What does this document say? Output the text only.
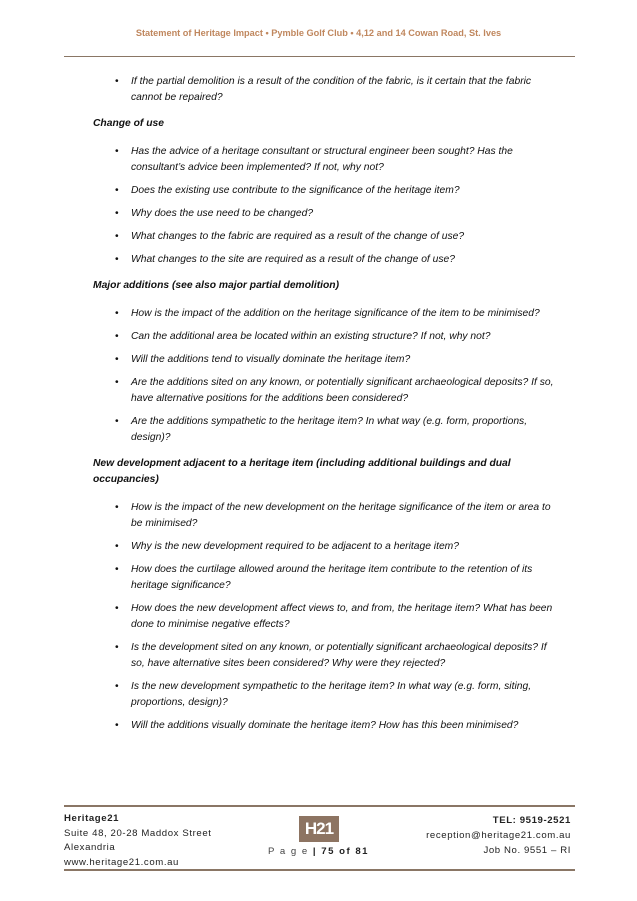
Statement of Heritage Impact • Pymble Golf Club • 4,12 and 14 Cowan Road, St. Ives
• If the partial demolition is a result of the condition of the fabric, is it certain that the fabric cannot be repaired?
Change of use
• Has the advice of a heritage consultant or structural engineer been sought? Has the consultant’s advice been implemented? If not, why not?
• Does the existing use contribute to the significance of the heritage item?
• Why does the use need to be changed?
• What changes to the fabric are required as a result of the change of use?
• What changes to the site are required as a result of the change of use?
Major additions (see also major partial demolition)
• How is the impact of the addition on the heritage significance of the item to be minimised?
• Can the additional area be located within an existing structure? If not, why not?
• Will the additions tend to visually dominate the heritage item?
• Are the additions sited on any known, or potentially significant archaeological deposits? If so, have alternative positions for the additions been considered?
• Are the additions sympathetic to the heritage item? In what way (e.g. form, proportions, design)?
New development adjacent to a heritage item (including additional buildings and dual occupancies)
• How is the impact of the new development on the heritage significance of the item or area to be minimised?
• Why is the new development required to be adjacent to a heritage item?
• How does the curtilage allowed around the heritage item contribute to the retention of its heritage significance?
• How does the new development affect views to, and from, the heritage item? What has been done to minimise negative effects?
• Is the development sited on any known, or potentially significant archaeological deposits? If so, have alternative sites been considered? Why were they rejected?
• Is the new development sympathetic to the heritage item? In what way (e.g. form, siting, proportions, design)?
• Will the additions visually dominate the heritage item? How has this been minimised?
Heritage21
Suite 48, 20-28 Maddox Street
Alexandria
www.heritage21.com.au
H21
P a g e | 75 of 81
TEL: 9519-2521
reception@heritage21.com.au
Job No. 9551 – RI
